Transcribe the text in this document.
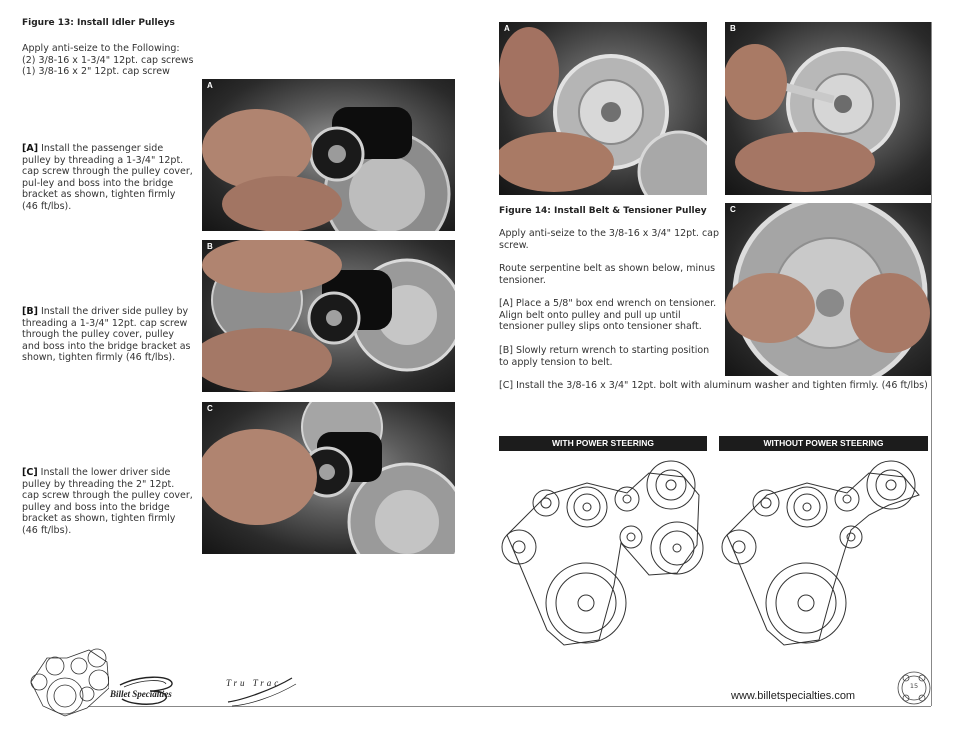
Figure 13: Install Idler Pulleys
Apply anti-seize to the Following:
(2) 3/8-16 x 1-3/4" 12pt. cap screws
(1) 3/8-16 x 2" 12pt. cap screw
[A] Install the passenger side pulley by threading a 1-3/4" 12pt. cap screw through the pulley cover, pul-ley and boss into the bridge bracket as shown, tighten firmly (46 ft/lbs).
[B] Install the driver side pulley by threading a 1-3/4" 12pt. cap screw through the pulley cover, pulley and boss into the bridge bracket as shown, tighten firmly (46 ft/lbs).
[C] Install the lower driver side pulley by threading the 2" 12pt. cap screw through the pulley cover, pulley and boss into the bridge bracket as shown, tighten firmly (46 ft/lbs).
A
B
C
A	B
C
Figure 14: Install Belt & Tensioner Pulley
Apply anti-seize to the 3/8-16 x 3/4" 12pt. cap screw.
Route serpentine belt as shown below, minus tensioner.
[A] Place a 5/8" box end wrench on tensioner. Align belt onto pulley and pull up until tensioner pulley slips onto tensioner shaft.
[B] Slowly return wrench to starting position to apply tension to belt.
[C] Install the 3/8-16 x 3/4" 12pt. bolt with aluminum washer and tighten firmly. (46 ft/lbs)
WITH POWER STEERING	WITHOUT POWER STEERING
Billet Specialties
Tru Trac
www.billetspecialties.com
15
